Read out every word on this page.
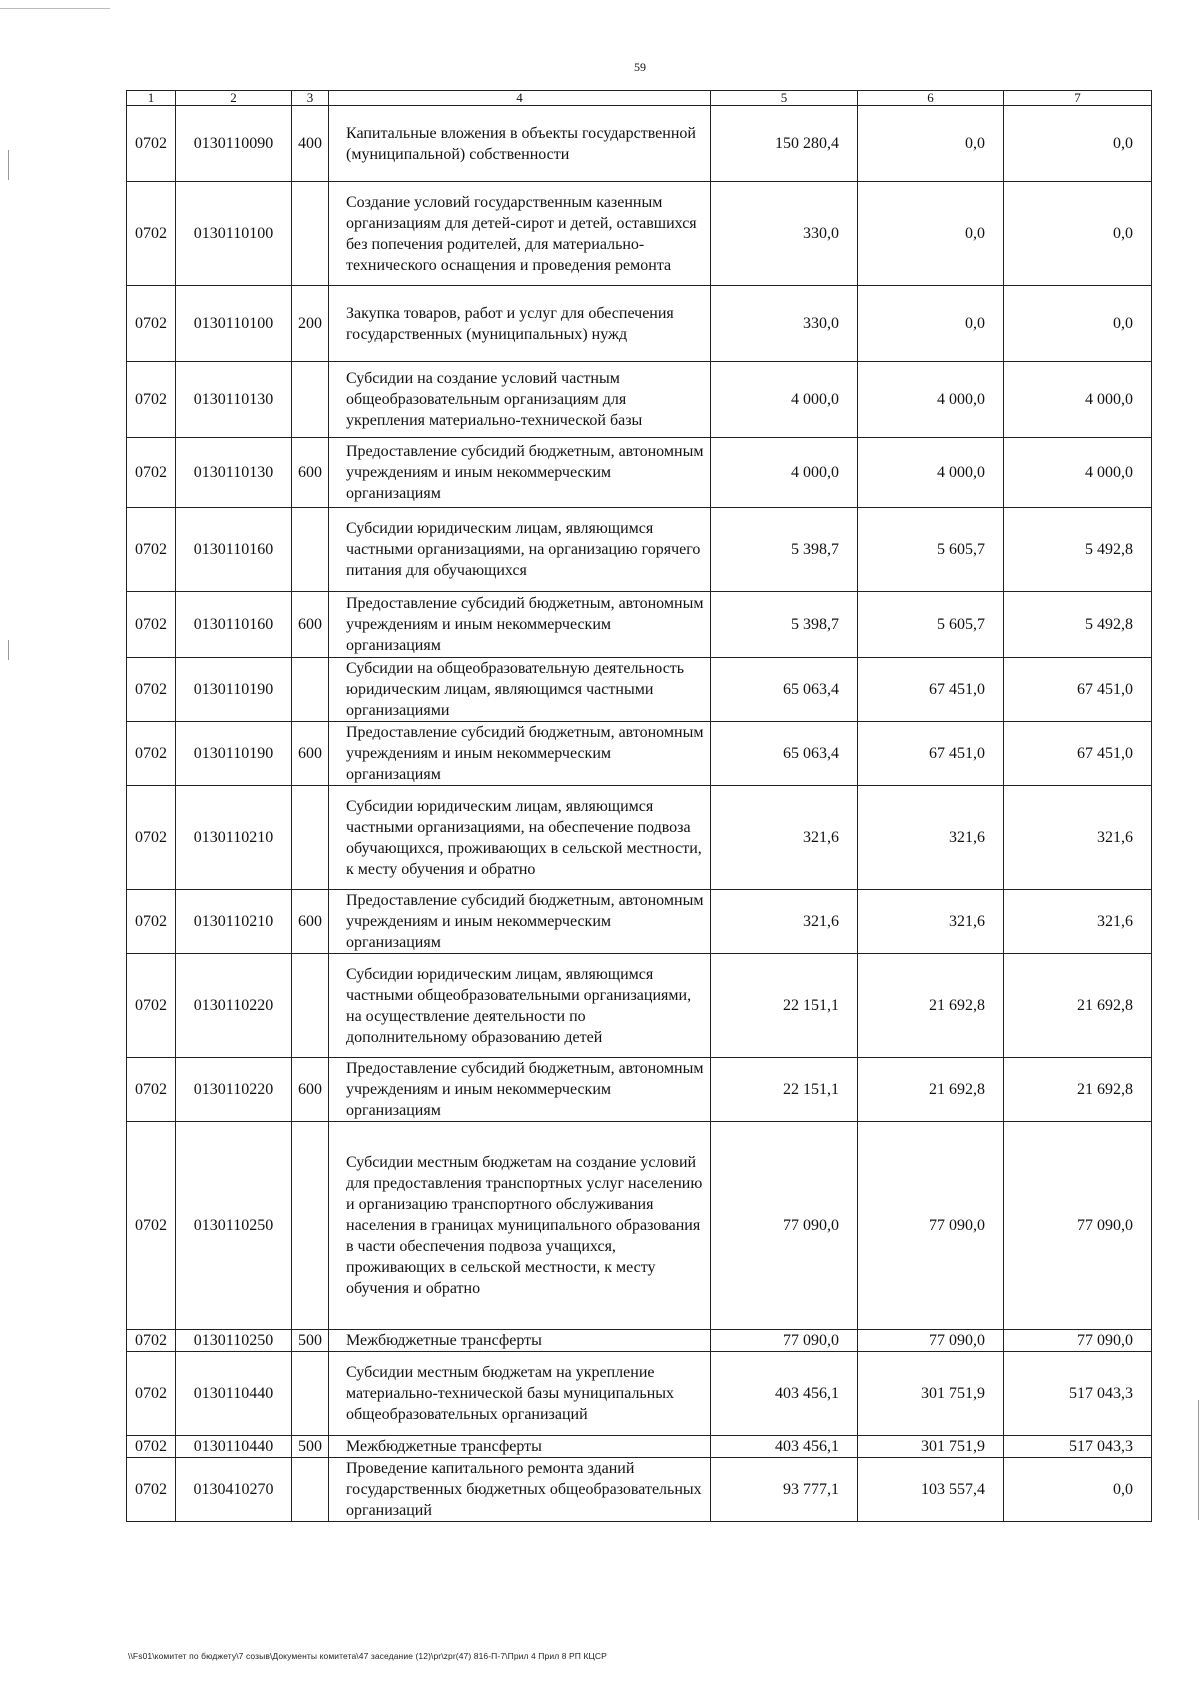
59
1	2	3	4	5	6	7
0702	0130110090	400	Капитальные вложения в объекты государственной (муниципальной) собственности	150 280,4	0,0	0,0
0702	0130110100		Создание условий государственным казенным организациям для детей-сирот и детей, оставшихся без попечения родителей, для материально-технического оснащения и проведения ремонта	330,0	0,0	0,0
0702	0130110100	200	Закупка товаров, работ и услуг для обеспечения государственных (муниципальных) нужд	330,0	0,0	0,0
0702	0130110130		Субсидии на создание условий частным общеобразовательным организациям для укрепления материально-технической базы	4 000,0	4 000,0	4 000,0
0702	0130110130	600	Предоставление субсидий бюджетным, автономным учреждениям и иным некоммерческим организациям	4 000,0	4 000,0	4 000,0
0702	0130110160		Субсидии юридическим лицам, являющимся частными организациями, на организацию горячего питания для обучающихся	5 398,7	5 605,7	5 492,8
0702	0130110160	600	Предоставление субсидий бюджетным, автономным учреждениям и иным некоммерческим организациям	5 398,7	5 605,7	5 492,8
0702	0130110190		Субсидии на общеобразовательную деятельность юридическим лицам, являющимся частными организациями	65 063,4	67 451,0	67 451,0
0702	0130110190	600	Предоставление субсидий бюджетным, автономным учреждениям и иным некоммерческим организациям	65 063,4	67 451,0	67 451,0
0702	0130110210		Субсидии юридическим лицам, являющимся частными организациями, на обеспечение подвоза обучающихся, проживающих в сельской местности, к месту обучения и обратно	321,6	321,6	321,6
0702	0130110210	600	Предоставление субсидий бюджетным, автономным учреждениям и иным некоммерческим организациям	321,6	321,6	321,6
0702	0130110220		Субсидии юридическим лицам, являющимся частными общеобразовательными организациями, на осуществление деятельности по дополнительному образованию детей	22 151,1	21 692,8	21 692,8
0702	0130110220	600	Предоставление субсидий бюджетным, автономным учреждениям и иным некоммерческим организациям	22 151,1	21 692,8	21 692,8
0702	0130110250		Субсидии местным бюджетам на создание условий для предоставления транспортных услуг населению и организацию транспортного обслуживания населения в границах муниципального образования в части обеспечения подвоза учащихся, проживающих в сельской местности, к месту обучения и обратно	77 090,0	77 090,0	77 090,0
0702	0130110250	500	Межбюджетные трансферты	77 090,0	77 090,0	77 090,0
0702	0130110440		Субсидии местным бюджетам на укрепление материально-технической базы муниципальных общеобразовательных организаций	403 456,1	301 751,9	517 043,3
0702	0130110440	500	Межбюджетные трансферты	403 456,1	301 751,9	517 043,3
0702	0130410270		Проведение капитального ремонта зданий государственных бюджетных общеобразовательных организаций	93 777,1	103 557,4	0,0
\\Fs01\комитет по бюджету\7 созыв\Документы комитета\47 заседание (12)\pr\zpr(47) 816-П-7\Прил 4 Прил 8 РП КЦСР
